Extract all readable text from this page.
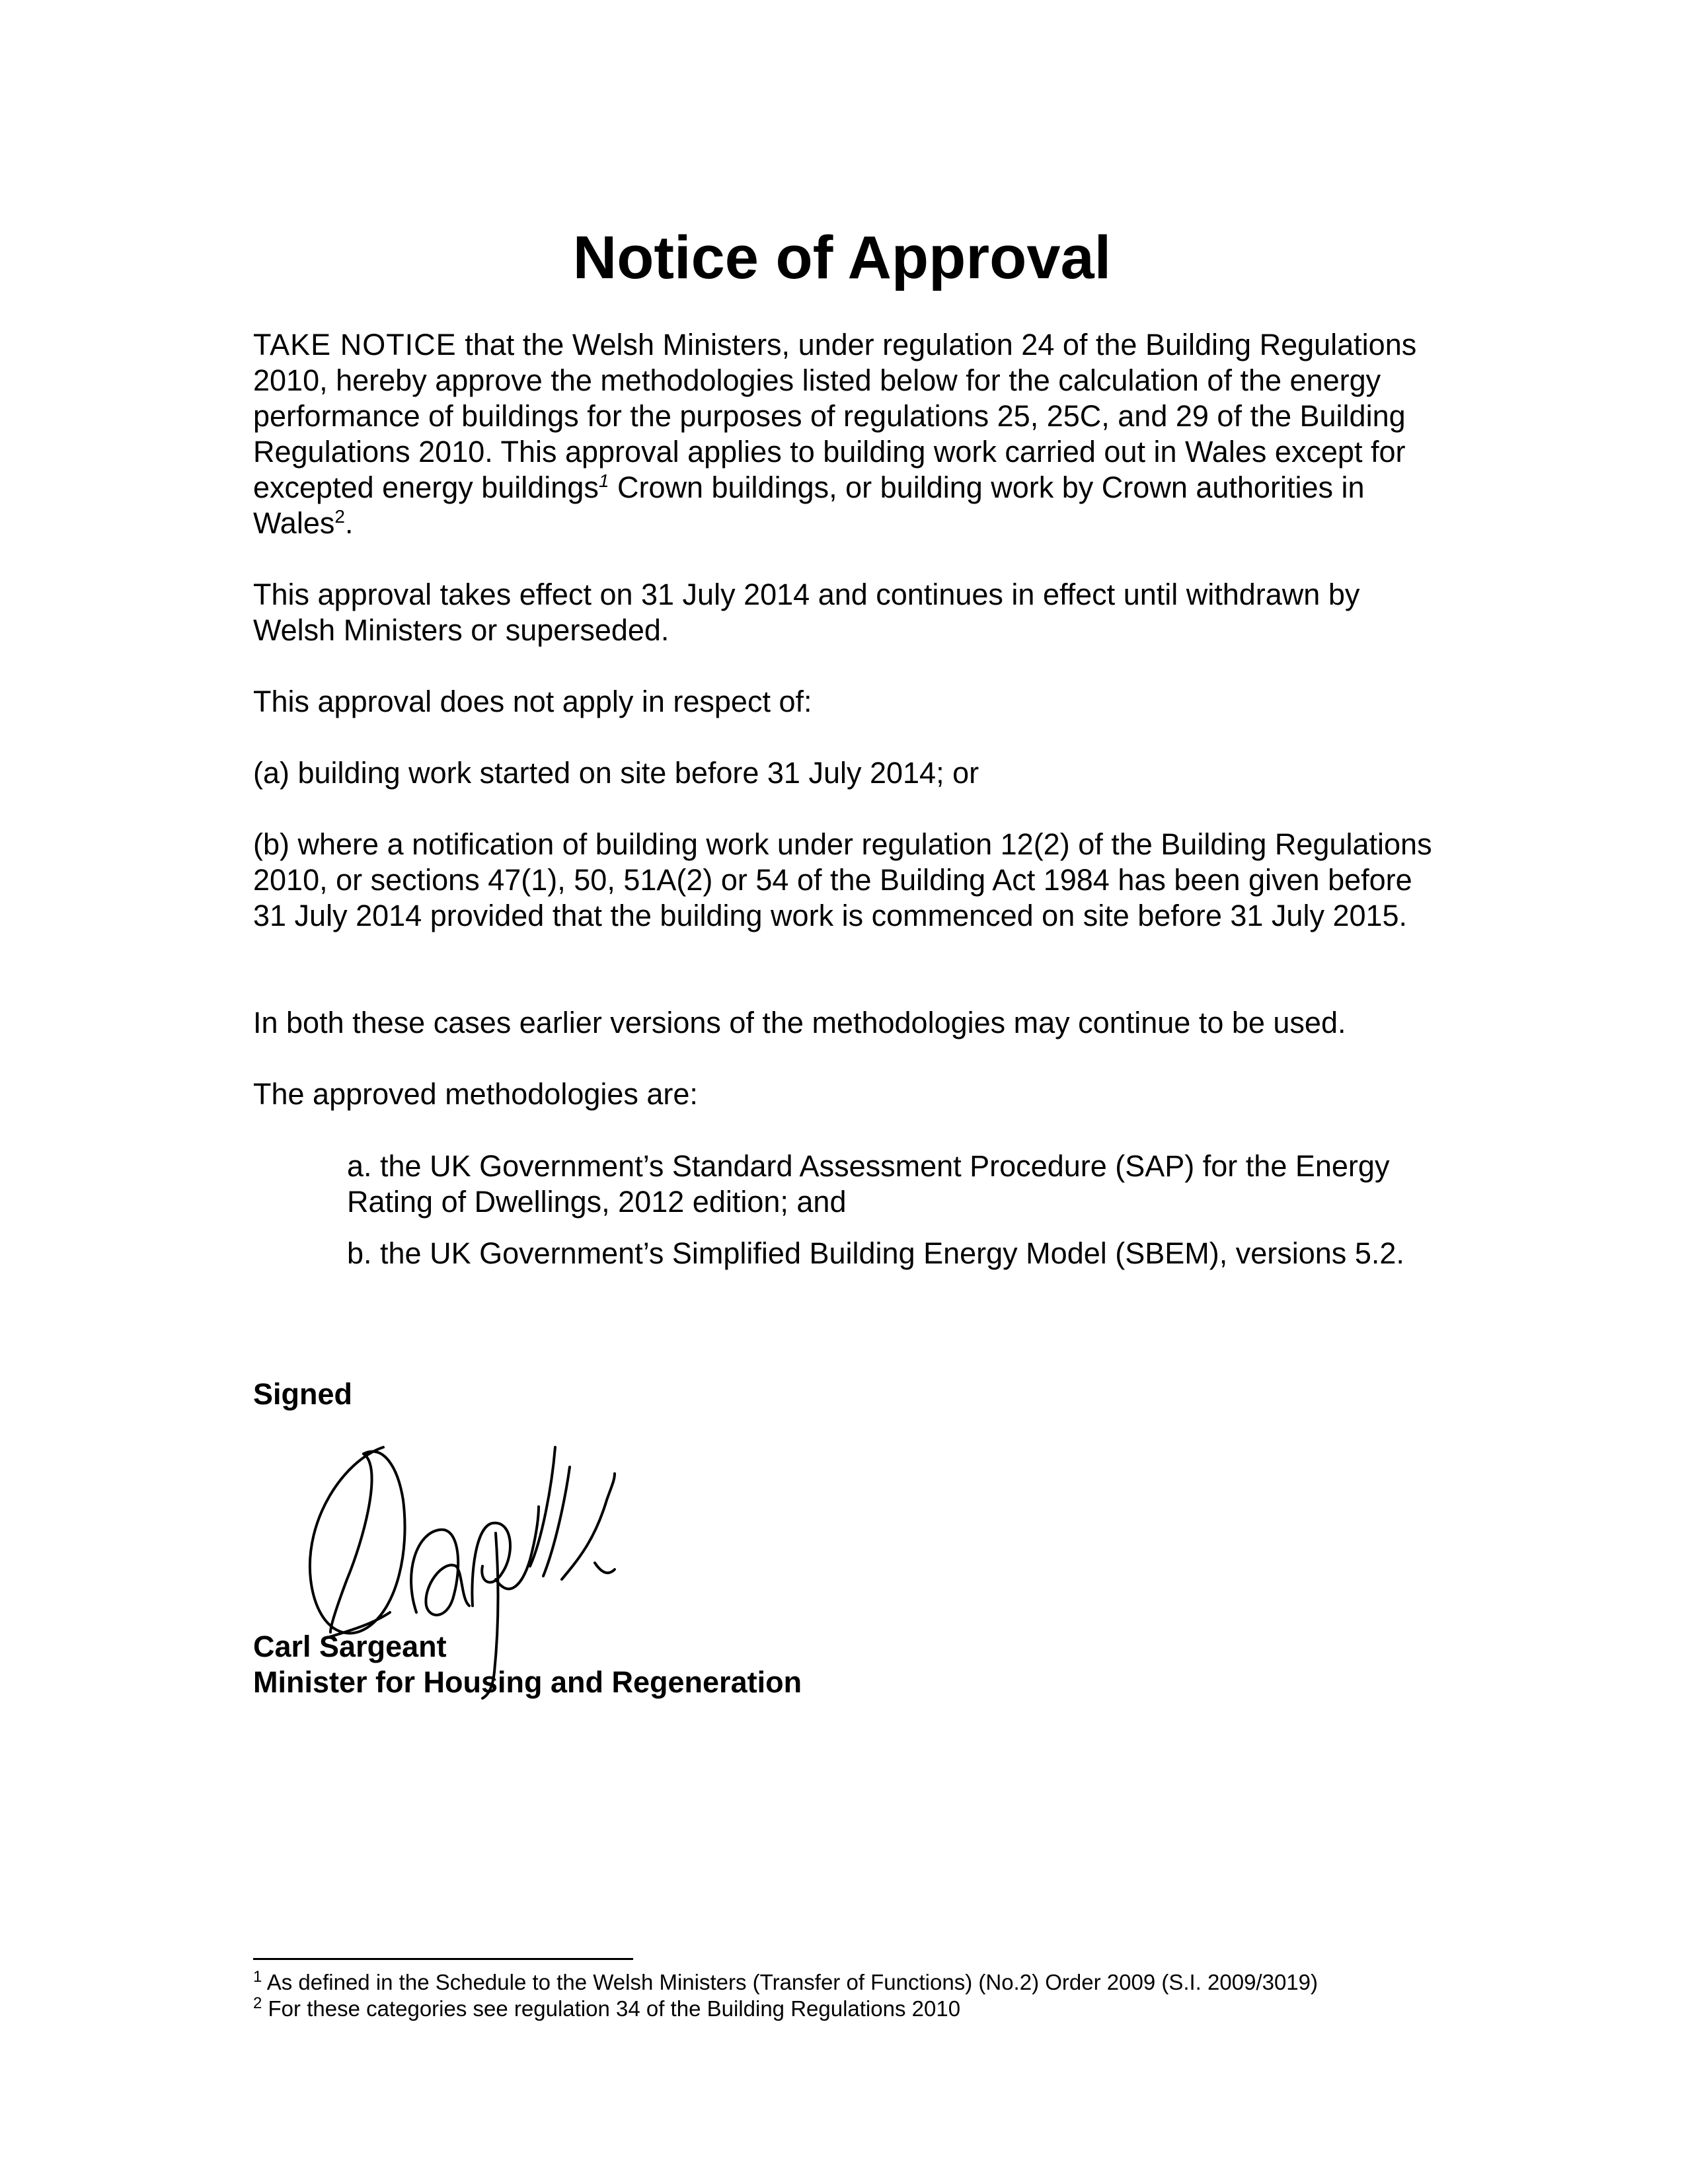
Notice of Approval

TAKE NOTICE that the Welsh Ministers, under regulation 24 of the Building Regulations 2010, hereby approve the methodologies listed below for the calculation of the energy performance of buildings for the purposes of regulations 25, 25C, and 29 of the Building Regulations 2010. This approval applies to building work carried out in Wales except for excepted energy buildings$^1$ Crown buildings, or building work by Crown authorities in Wales$^2$.

This approval takes effect on 31 July 2014 and continues in effect until withdrawn by Welsh Ministers or superseded.

This approval does not apply in respect of:

(a) building work started on site before 31 July 2014; or

(b) where a notification of building work under regulation 12(2) of the Building Regulations 2010, or sections 47(1), 50, 51A(2) or 54 of the Building Act 1984 has been given before 31 July 2014 provided that the building work is commenced on site before 31 July 2015.

In both these cases earlier versions of the methodologies may continue to be used.

The approved methodologies are:

a. the UK Government’s Standard Assessment Procedure (SAP) for the Energy Rating of Dwellings, 2012 edition; and
b. the UK Government’s Simplified Building Energy Model (SBEM), versions 5.2.
Signed
Carl Sargeant
Minister for Housing and Regeneration
$^1$ As defined in the Schedule to the Welsh Ministers (Transfer of Functions) (No.2) Order 2009 (S.I. 2009/3019)
$^2$ For these categories see regulation 34 of the Building Regulations 2010
